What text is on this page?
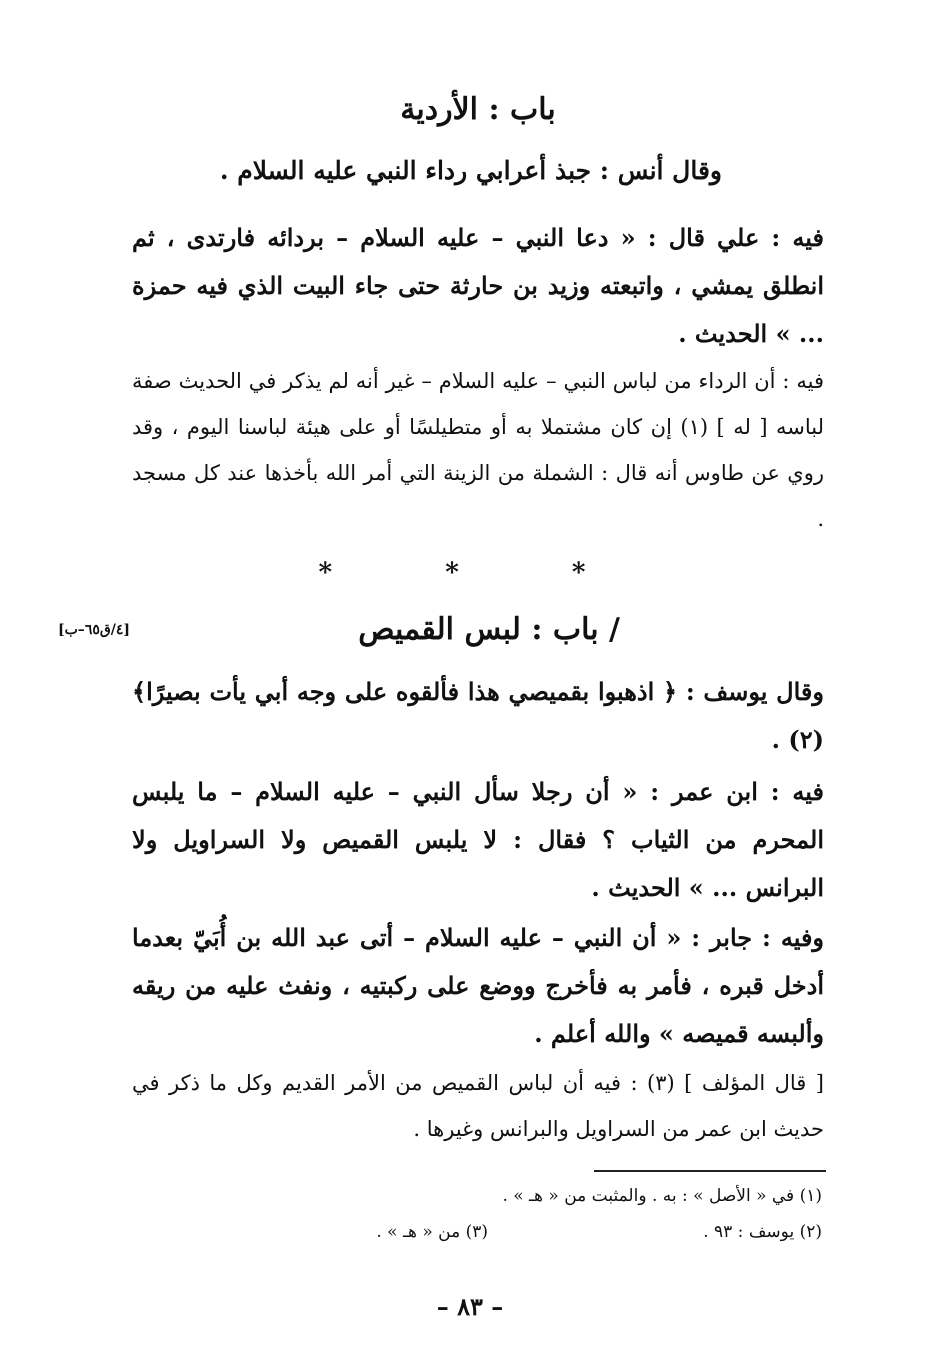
باب : الأردية
وقال أنس : جبذ أعرابي رداء النبي عليه السلام .
فيه : علي قال : « دعا النبي – عليه السلام – بردائه فارتدى ، ثم انطلق يمشي ، واتبعته وزيد بن حارثة حتى جاء البيت الذي فيه حمزة ... » الحديث .
فيه : أن الرداء من لباس النبي – عليه السلام – غير أنه لم يذكر في الحديث صفة لباسه [ له ] (١) إن كان مشتملا به أو متطيلسًا أو على هيئة لباسنا اليوم ، وقد روي عن طاوس أنه قال : الشملة من الزينة التي أمر الله بأخذها عند كل مسجد .
* * *
/ باب : لبس القميص
[٤/ق٦٥–ب]
وقال يوسف : ﴿ اذهبوا بقميصي هذا فألقوه على وجه أبي يأت بصيرًا﴾ (٢) .
فيه : ابن عمر : « أن رجلا سأل النبي – عليه السلام – ما يلبس المحرم من الثياب ؟ فقال : لا يلبس القميص ولا السراويل ولا البرانس ... » الحديث .
وفيه : جابر : « أن النبي – عليه السلام – أتى عبد الله بن أُبَيّ بعدما أدخل قبره ، فأمر به فأخرج ووضع على ركبتيه ، ونفث عليه من ريقه وألبسه قميصه » والله أعلم .
[ قال المؤلف ] (٣) : فيه أن لباس القميص من الأمر القديم وكل ما ذكر في حديث ابن عمر من السراويل والبرانس وغيرها .
(١) في « الأصل » : به . والمثبت من « هـ » .
(٢) يوسف : ٩٣ .
(٣) من « هـ » .
– ٨٣ –
